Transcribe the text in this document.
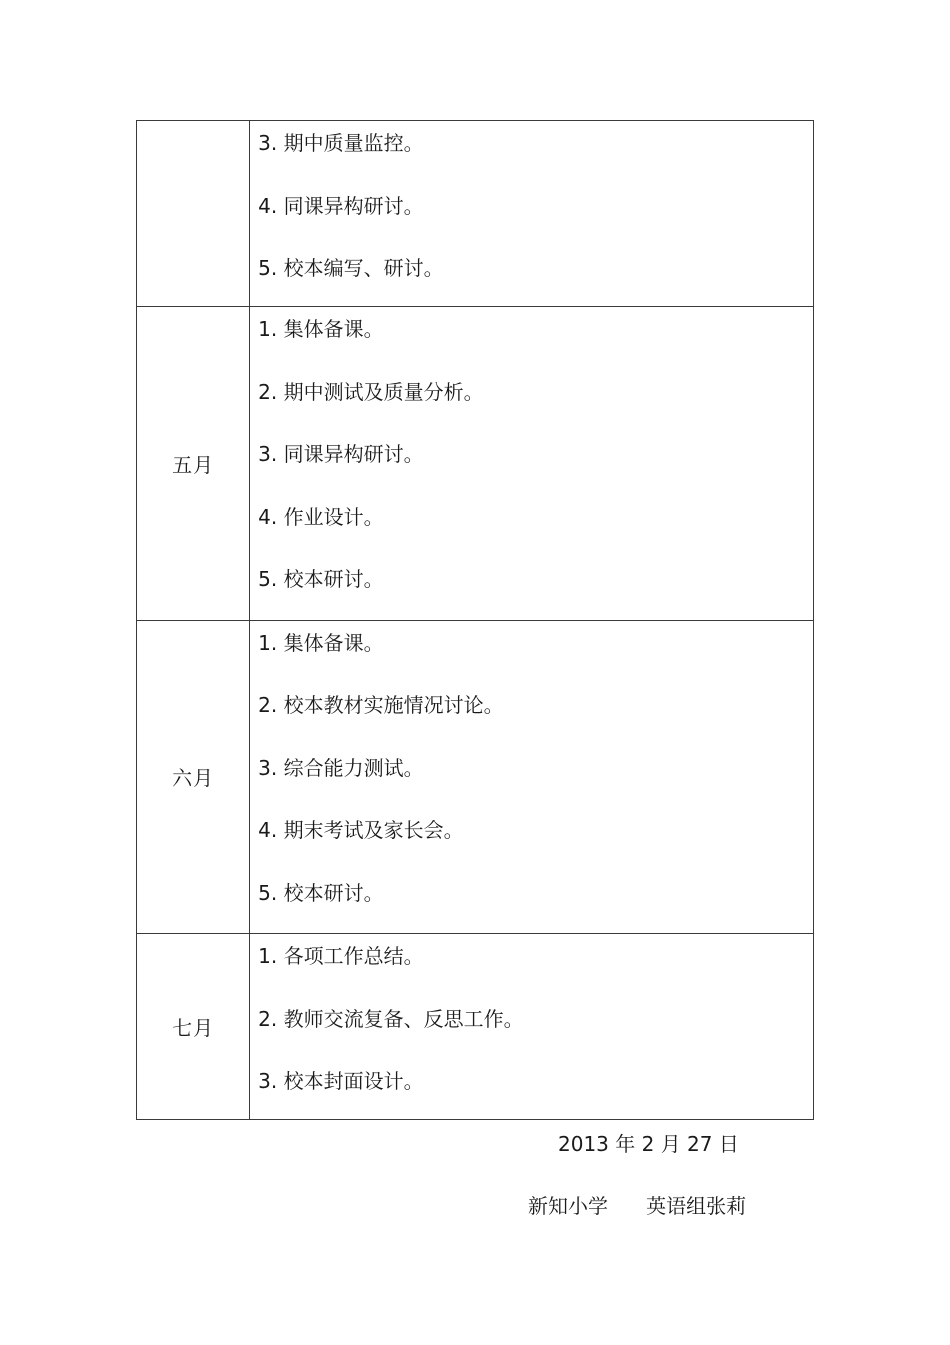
	3. 期中质量监控。
4. 同课异构研讨。
5. 校本编写、研讨。

五月	1. 集体备课。
2. 期中测试及质量分析。
3. 同课异构研讨。
4. 作业设计。
5. 校本研讨。

六月	1. 集体备课。
2. 校本教材实施情况讨论。
3. 综合能力测试。
4. 期末考试及家长会。
5. 校本研讨。

七月	1. 各项工作总结。
2. 教师交流复备、反思工作。
3. 校本封面设计。
2013 年 2 月 27 日
新知小学 英语组张莉
